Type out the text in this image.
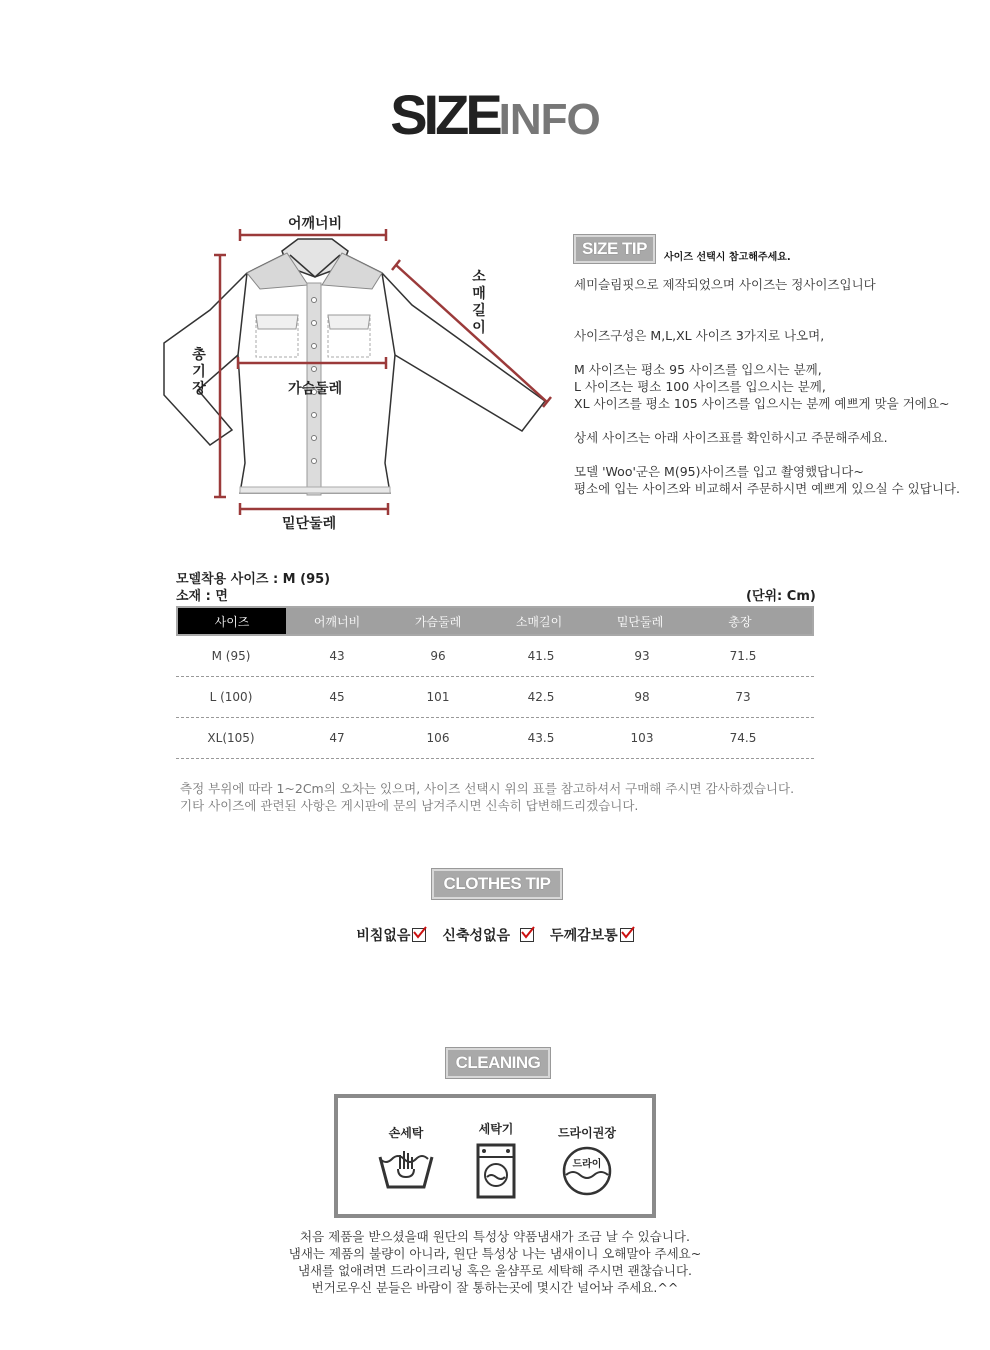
SIZEINFO
어깨너비
소매길이
총기장	가슴둘레
밑단둘레
SIZE TIP	사이즈 선택시 참고해주세요.

세미슬림핏으로 제작되었으며 사이즈는 정사이즈입니다

사이즈구성은 M,L,XL 사이즈 3가지로 나오며,

M 사이즈는 평소 95 사이즈를 입으시는 분께,

L 사이즈는 평소 100 사이즈를 입으시는 분께,

XL 사이즈를 평소 105 사이즈를 입으시는 분께 예쁘게 맞을 거에요~

상세 사이즈는 아래 사이즈표를 확인하시고 주문해주세요.

모델 'Woo'군은 M(95)사이즈를 입고 촬영했답니다~

평소에 입는 사이즈와 비교해서 주문하시면 예쁘게 있으실 수 있답니다.

모델착용 사이즈 : M (95)
소재 : 면	(단위: Cm)
사이즈	어깨너비	가슴둘레	소매길이	밑단둘레	총장
M (95)	43	96	41.5	93	71.5
L (100)	45	101	42.5	98	73
XL(105)	47	106	43.5	103	74.5

측정 부위에 따라 1~2Cm의 오차는 있으며, 사이즈 선택시 위의 표를 참고하셔서 구매해 주시면 감사하겠습니다.

기타 사이즈에 관련된 사항은 게시판에 문의 남겨주시면 신속히 답변해드리겠습니다.

CLOTHES TIP
비침없음 신축성없음	두께감보통
CLEANING
손세탁	세탁기	드라이권장
드라이

처음 제품을 받으셨을때 원단의 특성상 약품냄새가 조금 날 수 있습니다.

냄새는 제품의 불량이 아니라, 원단 특성상 나는 냄새이니 오해말아 주세요~

냄새를 없애려면 드라이크리닝 혹은 울샴푸로 세탁해 주시면 괜찮습니다.

번거로우신 분들은 바람이 잘 통하는곳에 몇시간 널어놔 주세요.^^
